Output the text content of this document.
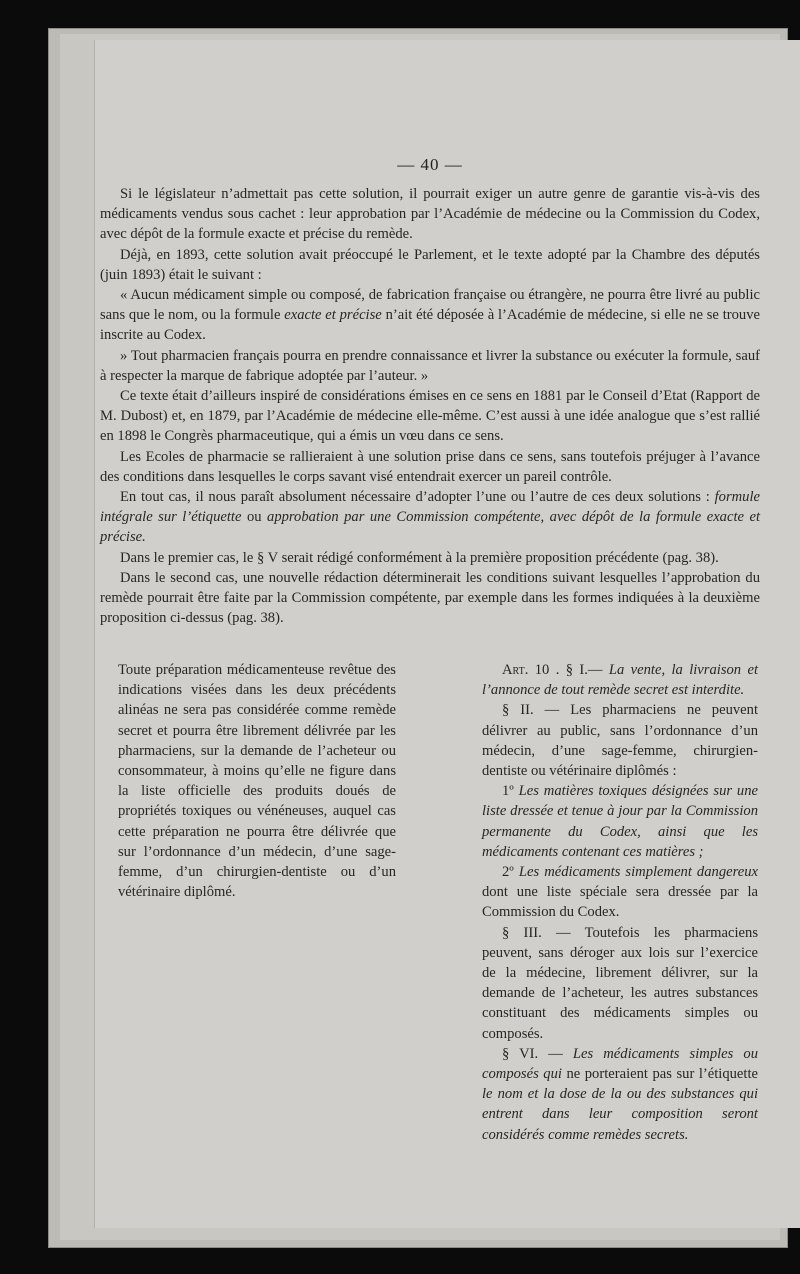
— 40 —

Si le législateur n’admettait pas cette solution, il pourrait exiger un autre genre de garantie vis-à-vis des médicaments vendus sous cachet : leur approbation par l’Académie de médecine ou la Commission du Codex, avec dépôt de la formule exacte et précise du remède.

Déjà, en 1893, cette solution avait préoccupé le Parlement, et le texte adopté par la Chambre des députés (juin 1893) était le suivant :

« Aucun médicament simple ou composé, de fabrication française ou étrangère, ne pourra être livré au public sans que le nom, ou la formule exacte et précise n’ait été déposée à l’Académie de médecine, si elle ne se trouve inscrite au Codex.

» Tout pharmacien français pourra en prendre connaissance et livrer la substance ou exécuter la formule, sauf à respecter la marque de fabrique adoptée par l’auteur. »

Ce texte était d’ailleurs inspiré de considérations émises en ce sens en 1881 par le Conseil d’Etat (Rapport de M. Dubost) et, en 1879, par l’Académie de médecine elle-même. C’est aussi à une idée analogue que s’est rallié en 1898 le Congrès pharmaceutique, qui a émis un vœu dans ce sens.

Les Ecoles de pharmacie se rallieraient à une solution prise dans ce sens, sans toutefois préjuger à l’avance des conditions dans lesquelles le corps savant visé entendrait exercer un pareil contrôle.

En tout cas, il nous paraît absolument nécessaire d’adopter l’une ou l’autre de ces deux solutions : formule intégrale sur l’étiquette ou approbation par une Commission compétente, avec dépôt de la formule exacte et précise.

Dans le premier cas, le § V serait rédigé conformément à la première proposition précédente (pag. 38).

Dans le second cas, une nouvelle rédaction déterminerait les conditions suivant lesquelles l’approbation du remède pourrait être faite par la Commission compétente, par exemple dans les formes indiquées à la deuxième proposition ci-dessus (pag. 38).

Toute préparation médicamenteuse revêtue des indications visées dans les deux précédents alinéas ne sera pas considérée comme remède secret et pourra être librement délivrée par les pharmaciens, sur la demande de l’acheteur ou consommateur, à moins qu’elle ne figure dans la liste officielle des produits doués de propriétés toxiques ou vénéneuses, auquel cas cette préparation ne pourra être délivrée que sur l’ordonnance d’un médecin, d’une sage-femme, d’un chirurgien-dentiste ou d’un vétérinaire diplômé.

Art. 10 . § I.— La vente, la livraison et l’annonce de tout remède secret est interdite.

§ II. — Les pharmaciens ne peuvent délivrer au public, sans l’ordonnance d’un médecin, d’une sage-femme, chirurgien-dentiste ou vétérinaire diplômés :

1º Les matières toxiques désignées sur une liste dressée et tenue à jour par la Commission permanente du Codex, ainsi que les médicaments contenant ces matières ;

2º Les médicaments simplement dangereux dont une liste spéciale sera dressée par la Commission du Codex.

§ III. — Toutefois les pharmaciens peuvent, sans déroger aux lois sur l’exercice de la médecine, librement délivrer, sur la demande de l’acheteur, les autres substances constituant des médicaments simples ou composés.

§ VI. — Les médicaments simples ou composés qui ne porteraient pas sur l’étiquette le nom et la dose de la ou des substances qui entrent dans leur composition seront considérés comme remèdes secrets.
